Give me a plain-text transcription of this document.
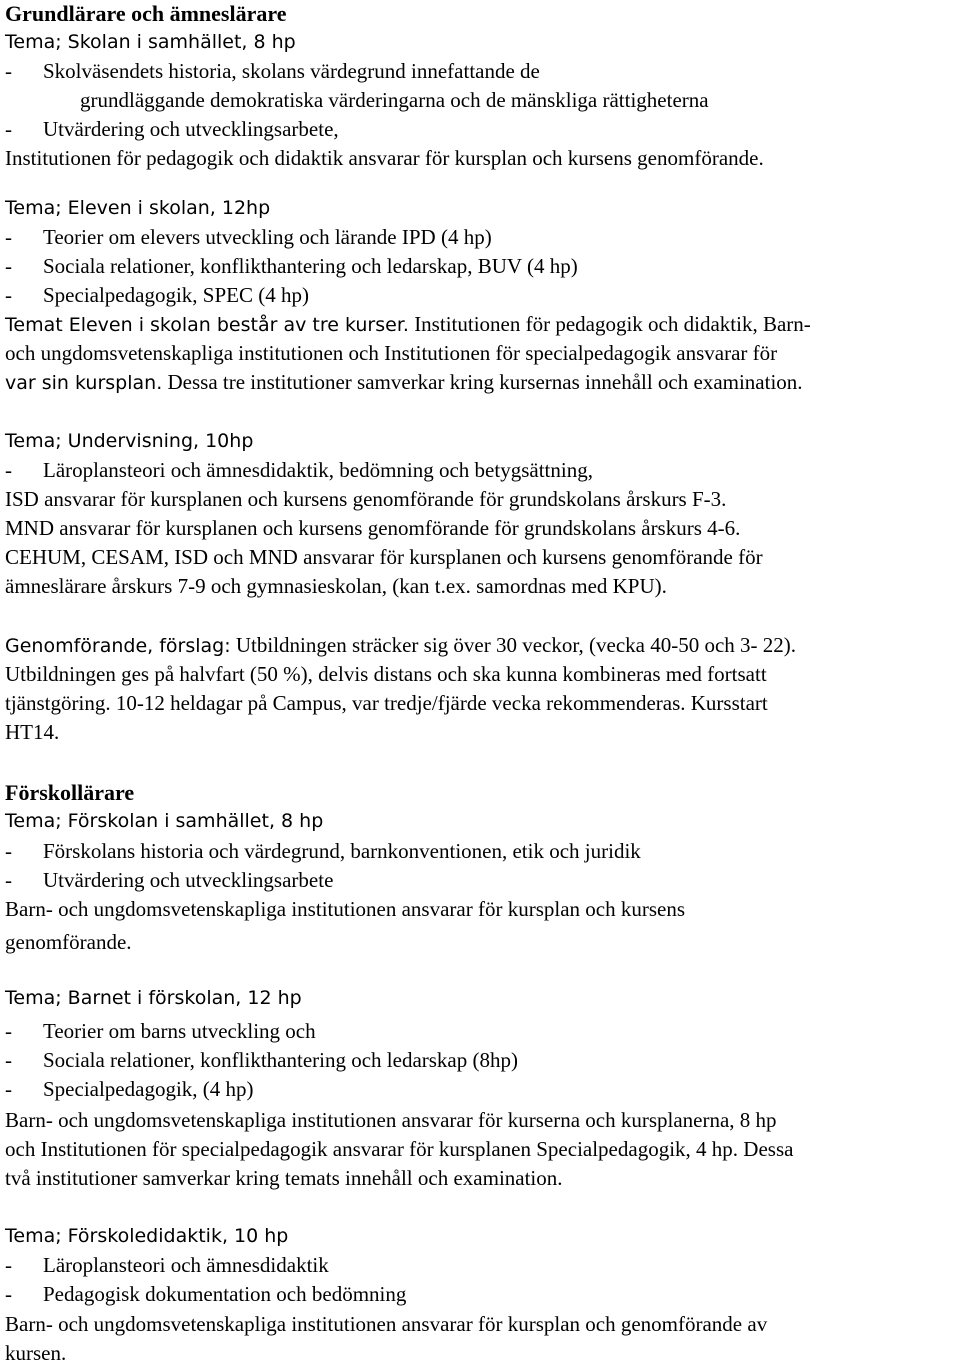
Grundlärare och ämneslärare
Tema; Skolan i samhället, 8 hp
- Skolväsendets historia, skolans värdegrund innefattande de
grundläggande demokratiska värderingarna och de mänskliga rättigheterna
- Utvärdering och utvecklingsarbete,
Institutionen för pedagogik och didaktik ansvarar för kursplan och kursens genomförande.
Tema; Eleven i skolan, 12hp
- Teorier om elevers utveckling och lärande IPD (4 hp)
- Sociala relationer, konflikthantering och ledarskap, BUV (4 hp)
- Specialpedagogik, SPEC (4 hp)
Temat Eleven i skolan består av tre kurser. Institutionen för pedagogik och didaktik, Barn-
och ungdomsvetenskapliga institutionen och Institutionen för specialpedagogik ansvarar för
var sin kursplan. Dessa tre institutioner samverkar kring kursernas innehåll och examination.
Tema; Undervisning, 10hp
- Läroplansteori och ämnesdidaktik, bedömning och betygsättning,
ISD ansvarar för kursplanen och kursens genomförande för grundskolans årskurs F-3.
MND ansvarar för kursplanen och kursens genomförande för grundskolans årskurs 4-6.
CEHUM, CESAM, ISD och MND ansvarar för kursplanen och kursens genomförande för
ämneslärare årskurs 7-9 och gymnasieskolan, (kan t.ex. samordnas med KPU).
Genomförande, förslag: Utbildningen sträcker sig över 30 veckor, (vecka 40-50 och 3- 22).
Utbildningen ges på halvfart (50 %), delvis distans och ska kunna kombineras med fortsatt
tjänstgöring. 10-12 heldagar på Campus, var tredje/fjärde vecka rekommenderas. Kursstart
HT14.
Förskollärare
Tema; Förskolan i samhället, 8 hp
- Förskolans historia och värdegrund, barnkonventionen, etik och juridik
- Utvärdering och utvecklingsarbete
Barn- och ungdomsvetenskapliga institutionen ansvarar för kursplan och kursens
genomförande.
Tema; Barnet i förskolan, 12 hp
- Teorier om barns utveckling och
- Sociala relationer, konflikthantering och ledarskap (8hp)
- Specialpedagogik, (4 hp)
Barn- och ungdomsvetenskapliga institutionen ansvarar för kurserna och kursplanerna, 8 hp
och Institutionen för specialpedagogik ansvarar för kursplanen Specialpedagogik, 4 hp. Dessa
två institutioner samverkar kring temats innehåll och examination.
Tema; Förskoledidaktik, 10 hp
- Läroplansteori och ämnesdidaktik
- Pedagogisk dokumentation och bedömning
Barn- och ungdomsvetenskapliga institutionen ansvarar för kursplan och genomförande av
kursen.
